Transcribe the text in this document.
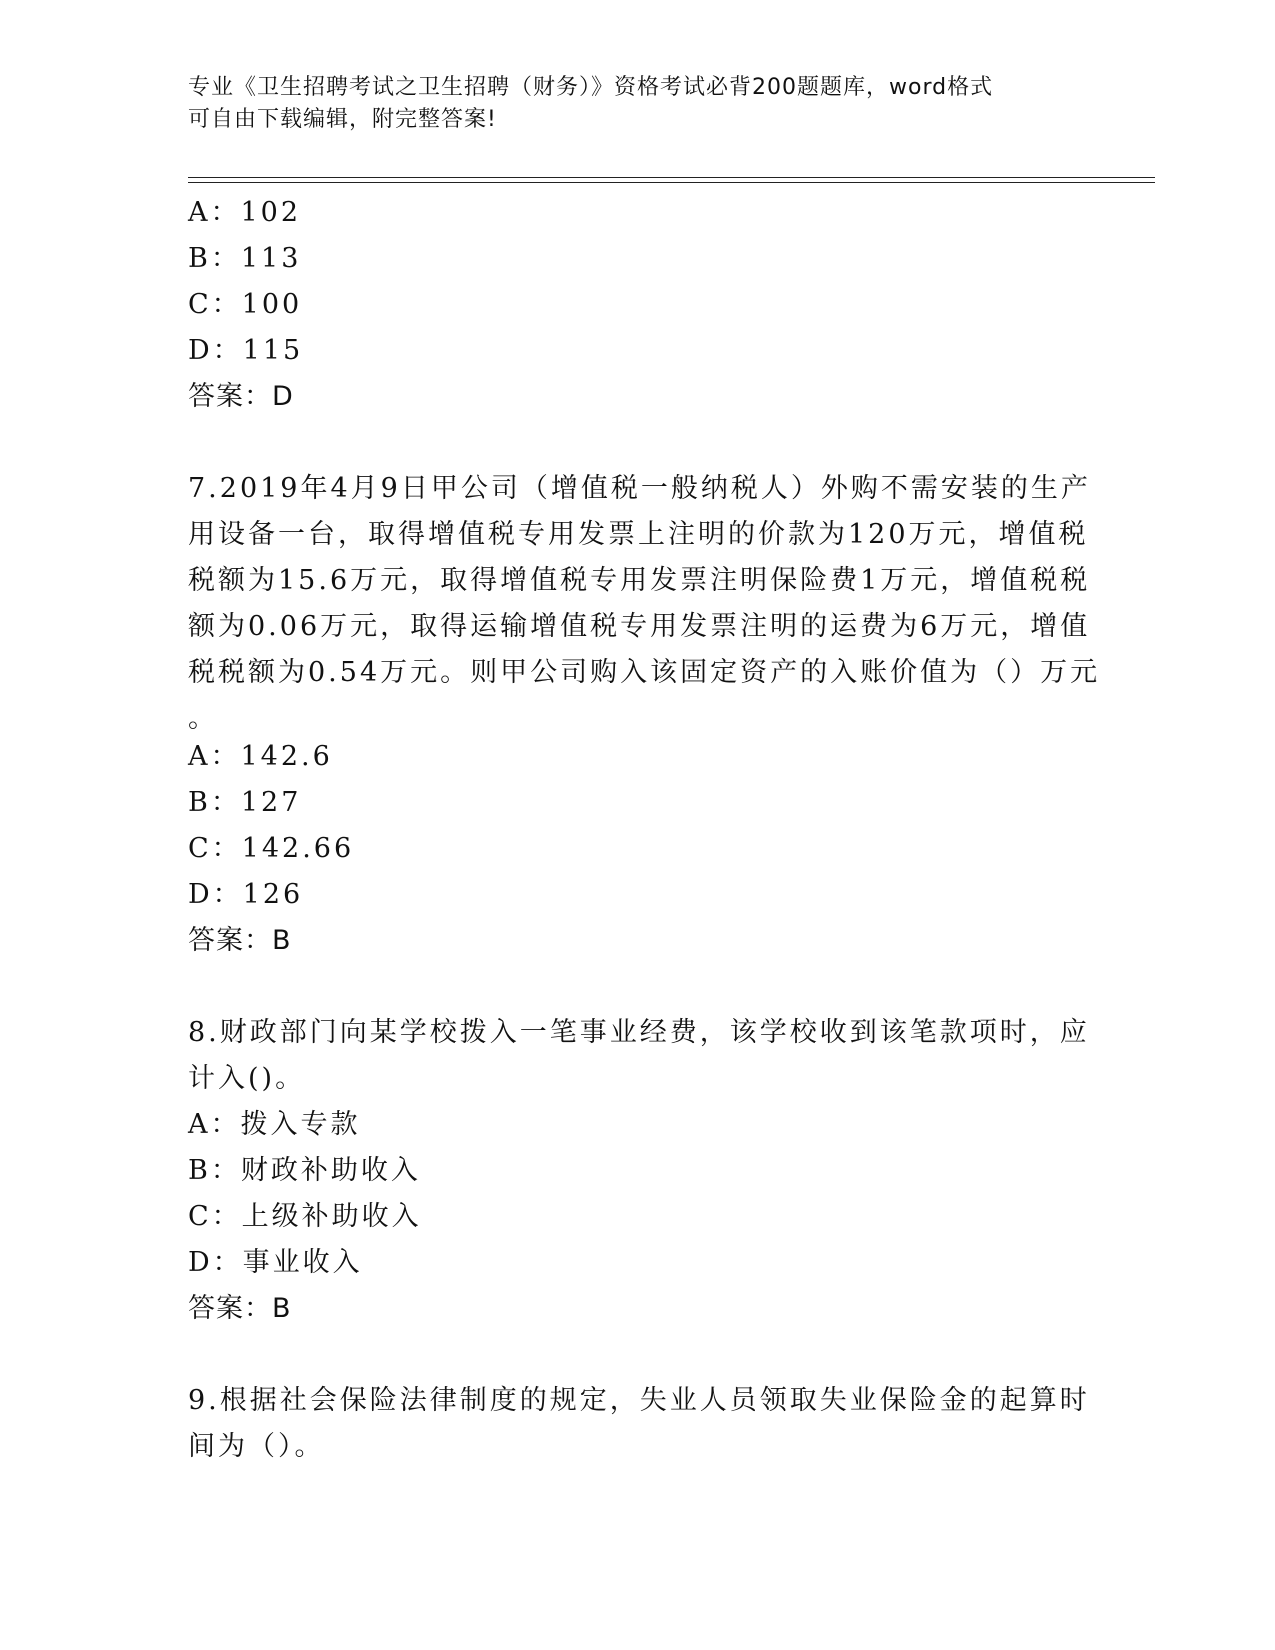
专业《卫生招聘考试之卫生招聘（财务）》资格考试必背200题题库，word格式
可自由下载编辑，附完整答案!
A：102
B：113
C：100
D：115
答案：D
7.2019年4月9日甲公司（增值税一般纳税人）外购不需安装的生产
用设备一台，取得增值税专用发票上注明的价款为120万元，增值税
税额为15.6万元，取得增值税专用发票注明保险费1万元，增值税税
额为0.06万元，取得运输增值税专用发票注明的运费为6万元，增值
税税额为0.54万元。则甲公司购入该固定资产的入账价值为（）万元
。
A：142.6
B：127
C：142.66
D：126
答案：B
8.财政部门向某学校拨入一笔事业经费，该学校收到该笔款项时，应
计入()。
A：拨入专款
B：财政补助收入
C：上级补助收入
D：事业收入
答案：B
9.根据社会保险法律制度的规定，失业人员领取失业保险金的起算时
间为（）。
